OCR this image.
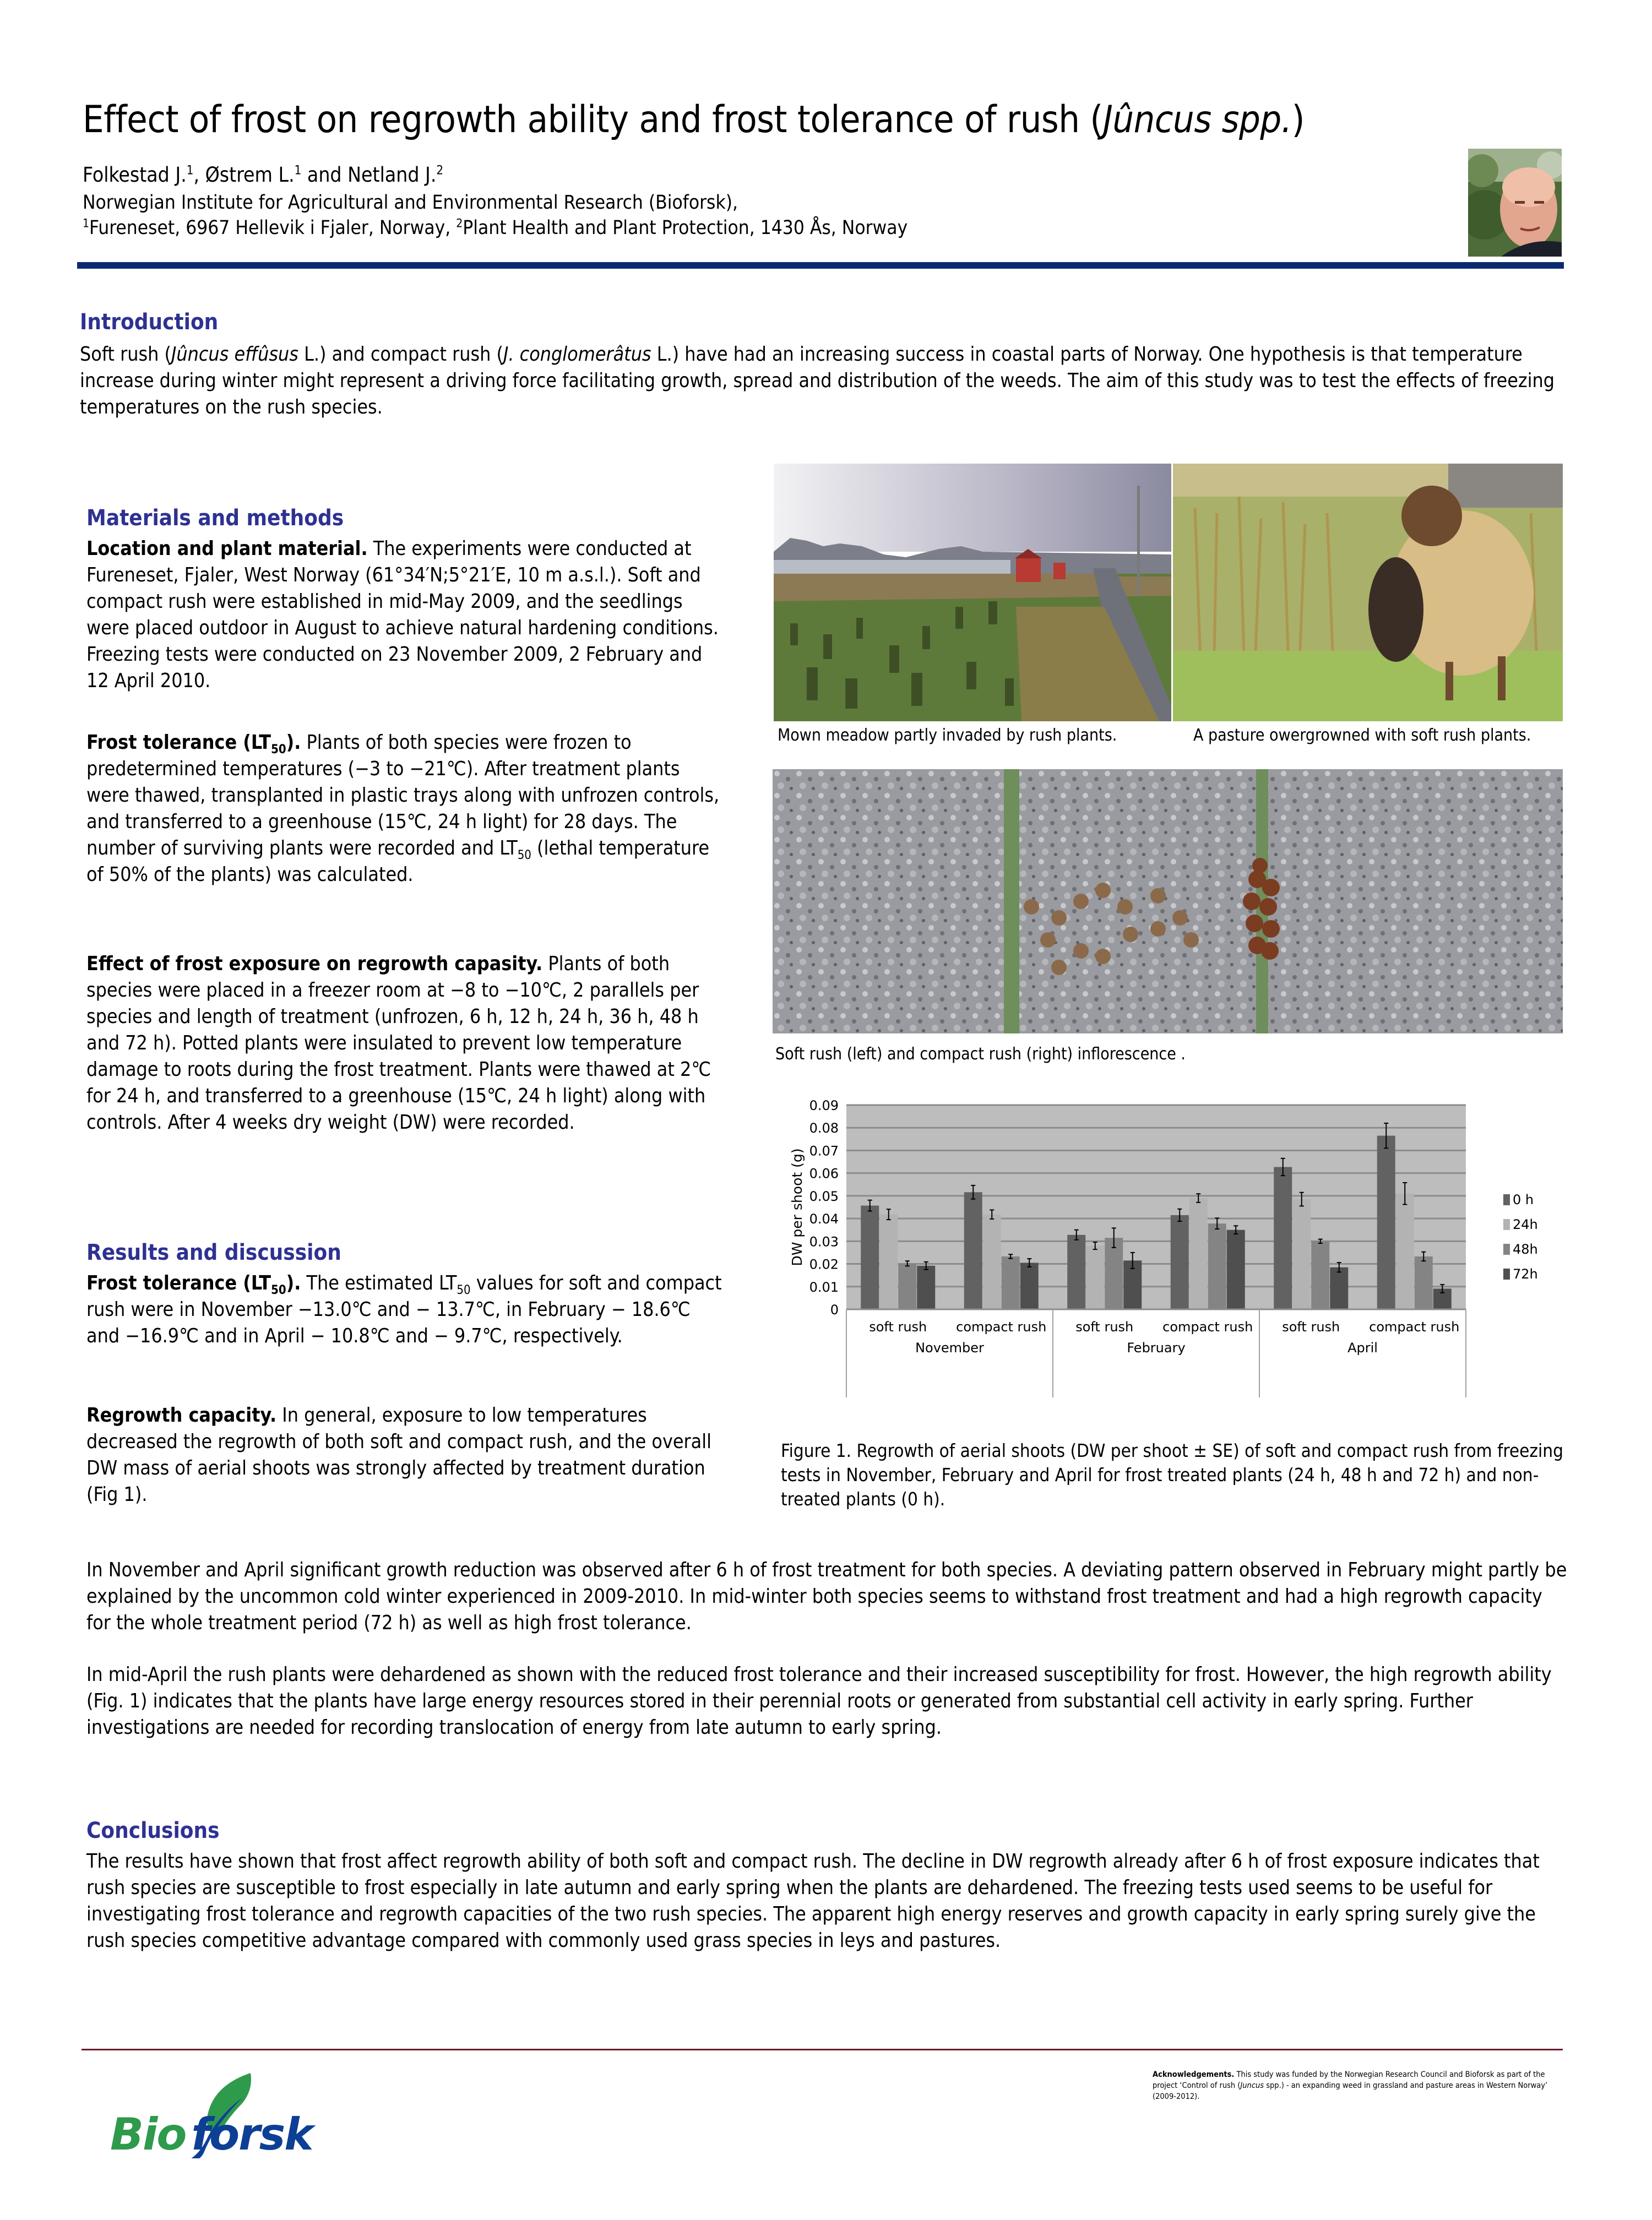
Effect of frost on regrowth ability and frost tolerance of rush (Jûncus spp.)
Folkestad J.$^1$, Østrem L.$^1$ and Netland J.$^2$
Norwegian Institute for Agricultural and Environmental Research (Bioforsk),
$^1$Fureneset, 6967 Hellevik i Fjaler, Norway, $^2$Plant Health and Plant Protection, 1430 Ås, Norway
Introduction
Soft rush (Jûncus effûsus L.) and compact rush (J. conglomerâtus L.) have had an increasing success in coastal parts of Norway. One hypothesis is that temperature increase during winter might represent a driving force facilitating growth, spread and distribution of the weeds. The aim of this study was to test the effects of freezing temperatures on the rush species.
Materials and methods
Location and plant material. The experiments were conducted at Fureneset, Fjaler, West Norway (61°34′N;5°21′E, 10 m a.s.l.). Soft and compact rush were established in mid-May 2009, and the seedlings were placed outdoor in August to achieve natural hardening conditions. Freezing tests were conducted on 23 November 2009, 2 February and 12 April 2010.
Frost tolerance $(LT_{50})$. Plants of both species were frozen to predetermined temperatures (−3 to −21℃). After treatment plants were thawed, transplanted in plastic trays along with unfrozen controls, and transferred to a greenhouse (15℃, 24 h light) for 28 days. The number of surviving plants were recorded and $LT_{50}$ (lethal temperature of 50% of the plants) was calculated.
Effect of frost exposure on regrowth capasity. Plants of both species were placed in a freezer room at −8 to −10℃, 2 parallels per species and length of treatment (unfrozen, 6 h, 12 h, 24 h, 36 h, 48 h and 72 h). Potted plants were insulated to prevent low temperature damage to roots during the frost treatment. Plants were thawed at 2℃ for 24 h, and transferred to a greenhouse (15℃, 24 h light) along with controls. After 4 weeks dry weight (DW) were recorded.
Results and discussion
Frost tolerance $(LT_{50})$. The estimated $LT_{50}$ values for soft and compact rush were in November −13.0℃ and − 13.7℃, in February − 18.6℃ and −16.9℃ and in April − 10.8℃ and − 9.7℃, respectively.
Regrowth capacity. In general, exposure to low temperatures decreased the regrowth of both soft and compact rush, and the overall DW mass of aerial shoots was strongly affected by treatment duration (Fig 1).
Mown meadow partly invaded by rush plants.	A pasture owergrowned with soft rush plants.
Soft rush (left) and compact rush (right) inflorescence .
0
0.01
0.02
0.03
0.04
0.05
0.06
0.07
0.08
0.09
soft rush compact rush soft rush compact rush soft rush compact rush
November	February	April
DW per shoot (g)	0 h
24h
48h
72h
Figure 1. Regrowth of aerial shoots (DW per shoot ± SE) of soft and compact rush from freezing tests in November, February and April for frost treated plants (24 h, 48 h and 72 h) and non-treated plants (0 h).
In November and April significant growth reduction was observed after 6 h of frost treatment for both species. A deviating pattern observed in February might partly be explained by the uncommon cold winter experienced in 2009-2010. In mid-winter both species seems to withstand frost treatment and had a high regrowth capacity for the whole treatment period (72 h) as well as high frost tolerance.
In mid-April the rush plants were dehardened as shown with the reduced frost tolerance and their increased susceptibility for frost. However, the high regrowth ability (Fig. 1) indicates that the plants have large energy resources stored in their perennial roots or generated from substantial cell activity in early spring. Further investigations are needed for recording translocation of energy from late autumn to early spring.
Conclusions
The results have shown that frost affect regrowth ability of both soft and compact rush. The decline in DW regrowth already after 6 h of frost exposure indicates that rush species are susceptible to frost especially in late autumn and early spring when the plants are dehardened. The freezing tests used seems to be useful for investigating frost tolerance and regrowth capacities of the two rush species. The apparent high energy reserves and growth capacity in early spring surely give the rush species competitive advantage compared with commonly used grass species in leys and pastures.
Bio forsk
Acknowledgements. This study was funded by the Norwegian Research Council and Bioforsk as part of the project ‘Control of rush (Juncus spp.) - an expanding weed in grassland and pasture areas in Western Norway’ (2009-2012).
